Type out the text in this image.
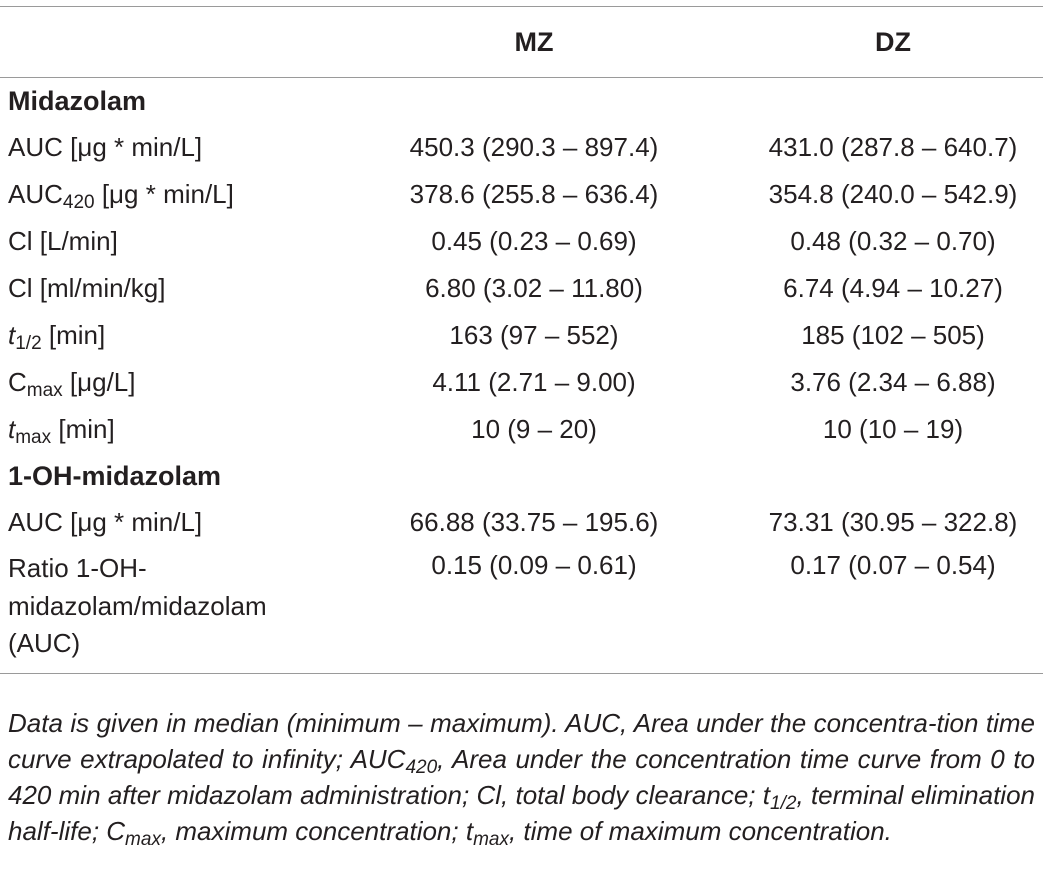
	MZ	DZ
Midazolam		
AUC [μg * min/L]	450.3 (290.3 – 897.4)	431.0 (287.8 – 640.7)
$AUC_{420}$ [μg * min/L]	378.6 (255.8 – 636.4)	354.8 (240.0 – 542.9)
Cl [L/min]	0.45 (0.23 – 0.69)	0.48 (0.32 – 0.70)
Cl [ml/min/kg]	6.80 (3.02 – 11.80)	6.74 (4.94 – 10.27)
$t_{1/2}$ [min]	163 (97 – 552)	185 (102 – 505)
$C_{max}$ [μg/L]	4.11 (2.71 – 9.00)	3.76 (2.34 – 6.88)
$t_{max}$ [min]	10 (9 – 20)	10 (10 – 19)
1-OH-midazolam		
AUC [μg * min/L]	66.88 (33.75 – 195.6)	73.31 (30.95 – 322.8)
Ratio 1-OH-
midazolam/midazolam
(AUC)	0.15 (0.09 – 0.61)	0.17 (0.07 – 0.54)

Data is given in median (minimum – maximum). AUC, Area under the concentra-tion time curve extrapolated to infinity; $AUC_{420}$, Area under the concentration time curve from 0 to 420 min after midazolam administration; Cl, total body clearance; $t_{1/2}$, terminal elimination half-life; $C_{max}$, maximum concentration; $t_{max}$, time of maximum concentration.
